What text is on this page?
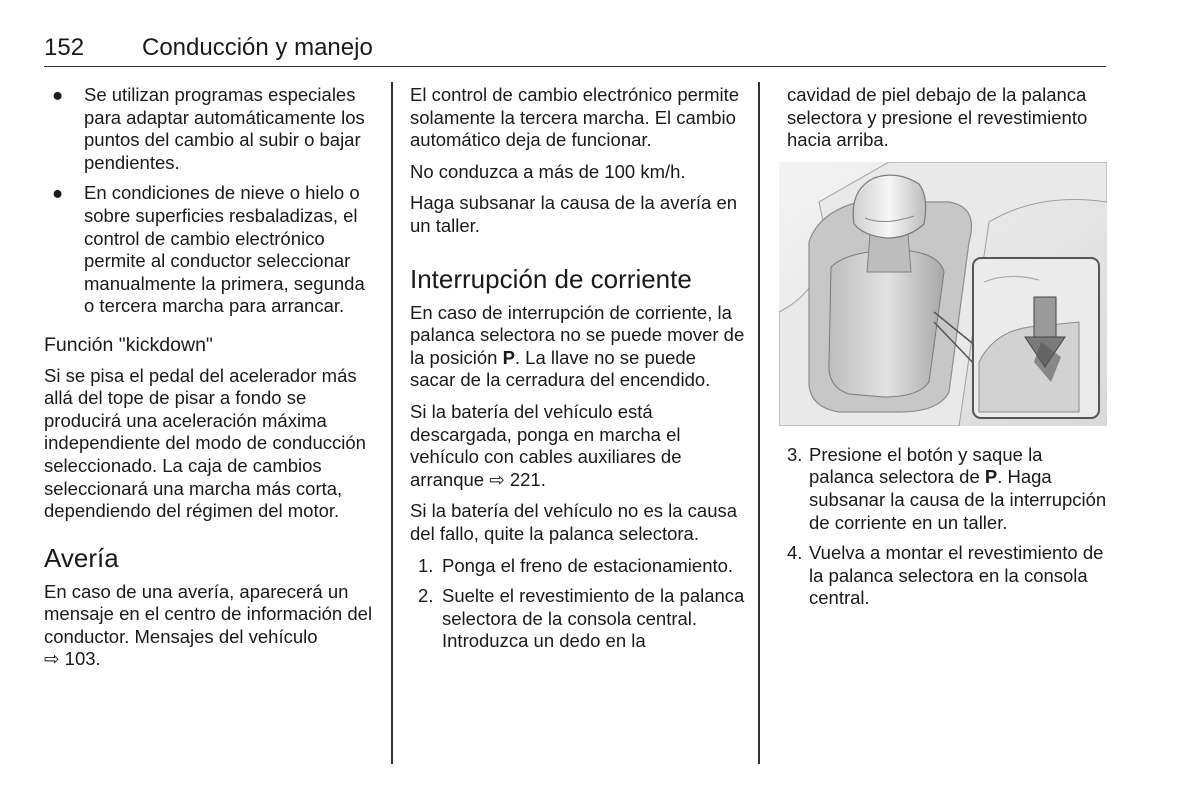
152 Conducción y manejo
● Se utilizan programas especiales para adaptar automáticamente los puntos del cambio al subir o bajar pendientes.
● En condiciones de nieve o hielo o sobre superficies resbaladizas, el control de cambio electrónico permite al conductor seleccionar manualmente la primera, segunda o tercera marcha para arrancar.
Función "kickdown"

Si se pisa el pedal del acelerador más allá del tope de pisar a fondo se producirá una aceleración máxima independiente del modo de conducción seleccionado. La caja de cambios seleccionará una marcha más corta, dependiendo del régimen del motor.

Avería

En caso de una avería, aparecerá un mensaje en el centro de información del conductor. Mensajes del vehículo ⇨ 103.

El control de cambio electrónico permite solamente la tercera marcha. El cambio automático deja de funcionar.

No conduzca a más de 100 km/h.

Haga subsanar la causa de la avería en un taller.

Interrupción de corriente

En caso de interrupción de corriente, la palanca selectora no se puede mover de la posición P. La llave no se puede sacar de la cerradura del encendido.

Si la batería del vehículo está descargada, ponga en marcha el vehículo con cables auxiliares de arranque ⇨ 221.

Si la batería del vehículo no es la causa del fallo, quite la palanca selectora.

1. Ponga el freno de estacionamiento.
2. Suelte el revestimiento de la palanca selectora de la consola central. Introduzca un dedo en la

cavidad de piel debajo de la palanca selectora y presione el revestimiento hacia arriba.

3. Presione el botón y saque la palanca selectora de P. Haga subsanar la causa de la interrupción de corriente en un taller.
4. Vuelva a montar el revestimiento de la palanca selectora en la consola central.
